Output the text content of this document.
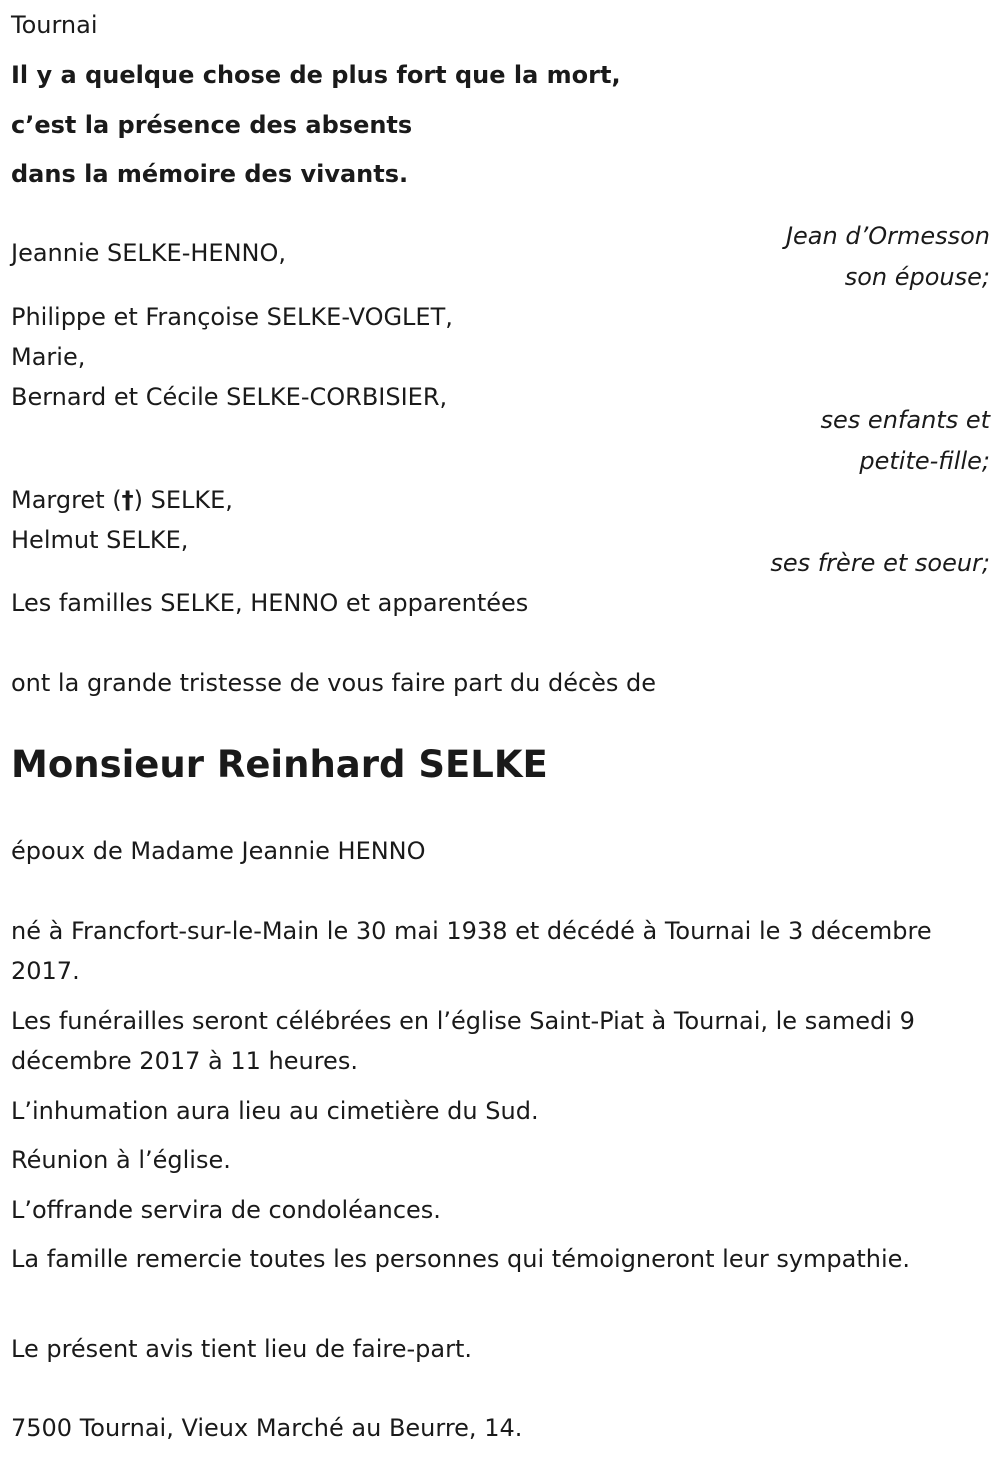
Tournai

Il y a quelque chose de plus fort que la mort,

c’est la présence des absents

dans la mémoire des vivants.

Jean d’Ormesson

Jeannie SELKE-HENNO,

son épouse;

Philippe et Françoise SELKE-VOGLET,

Marie,

Bernard et Cécile SELKE-CORBISIER,

ses enfants et
petite-fille;

Margret (†) SELKE,

Helmut SELKE,

ses frère et soeur;

Les familles SELKE, HENNO et apparentées

ont la grande tristesse de vous faire part du décès de

Monsieur Reinhard SELKE

époux de Madame Jeannie HENNO

né à Francfort-sur-le-Main le 30 mai 1938 et décédé à Tournai le 3 décembre 2017.

Les funérailles seront célébrées en l’église Saint-Piat à Tournai, le samedi 9 décembre 2017 à 11 heures.

L’inhumation aura lieu au cimetière du Sud.

Réunion à l’église.

L’offrande servira de condoléances.

La famille remercie toutes les personnes qui témoigneront leur sympathie.

Le présent avis tient lieu de faire-part.

7500 Tournai, Vieux Marché au Beurre, 14.
